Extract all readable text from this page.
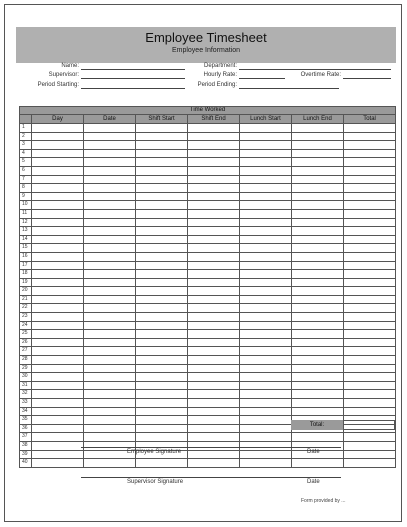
Employee Timesheet
Employee Information
Name:
Supervisor:
Period Starting:
Department:
Hourly Rate:	Overtime Rate:
Period Ending:
Time Worked							
	Day	Date	Shift Start	Shift End	Lunch Start	Lunch End	Total
1							
2							
3							
4							
5							
6							
7							
8							
9							
10							
11							
12							
13							
14							
15							
16							
17							
18							
19							
20							
21							
22							
23							
24							
25							
26							
27							
28							
29							
30							
31							
32							
33							
34							
35							
36							
37							
38							
39							
40							
Total:
Employee Signature	Date
Supervisor Signature	Date
Form provided by ...
